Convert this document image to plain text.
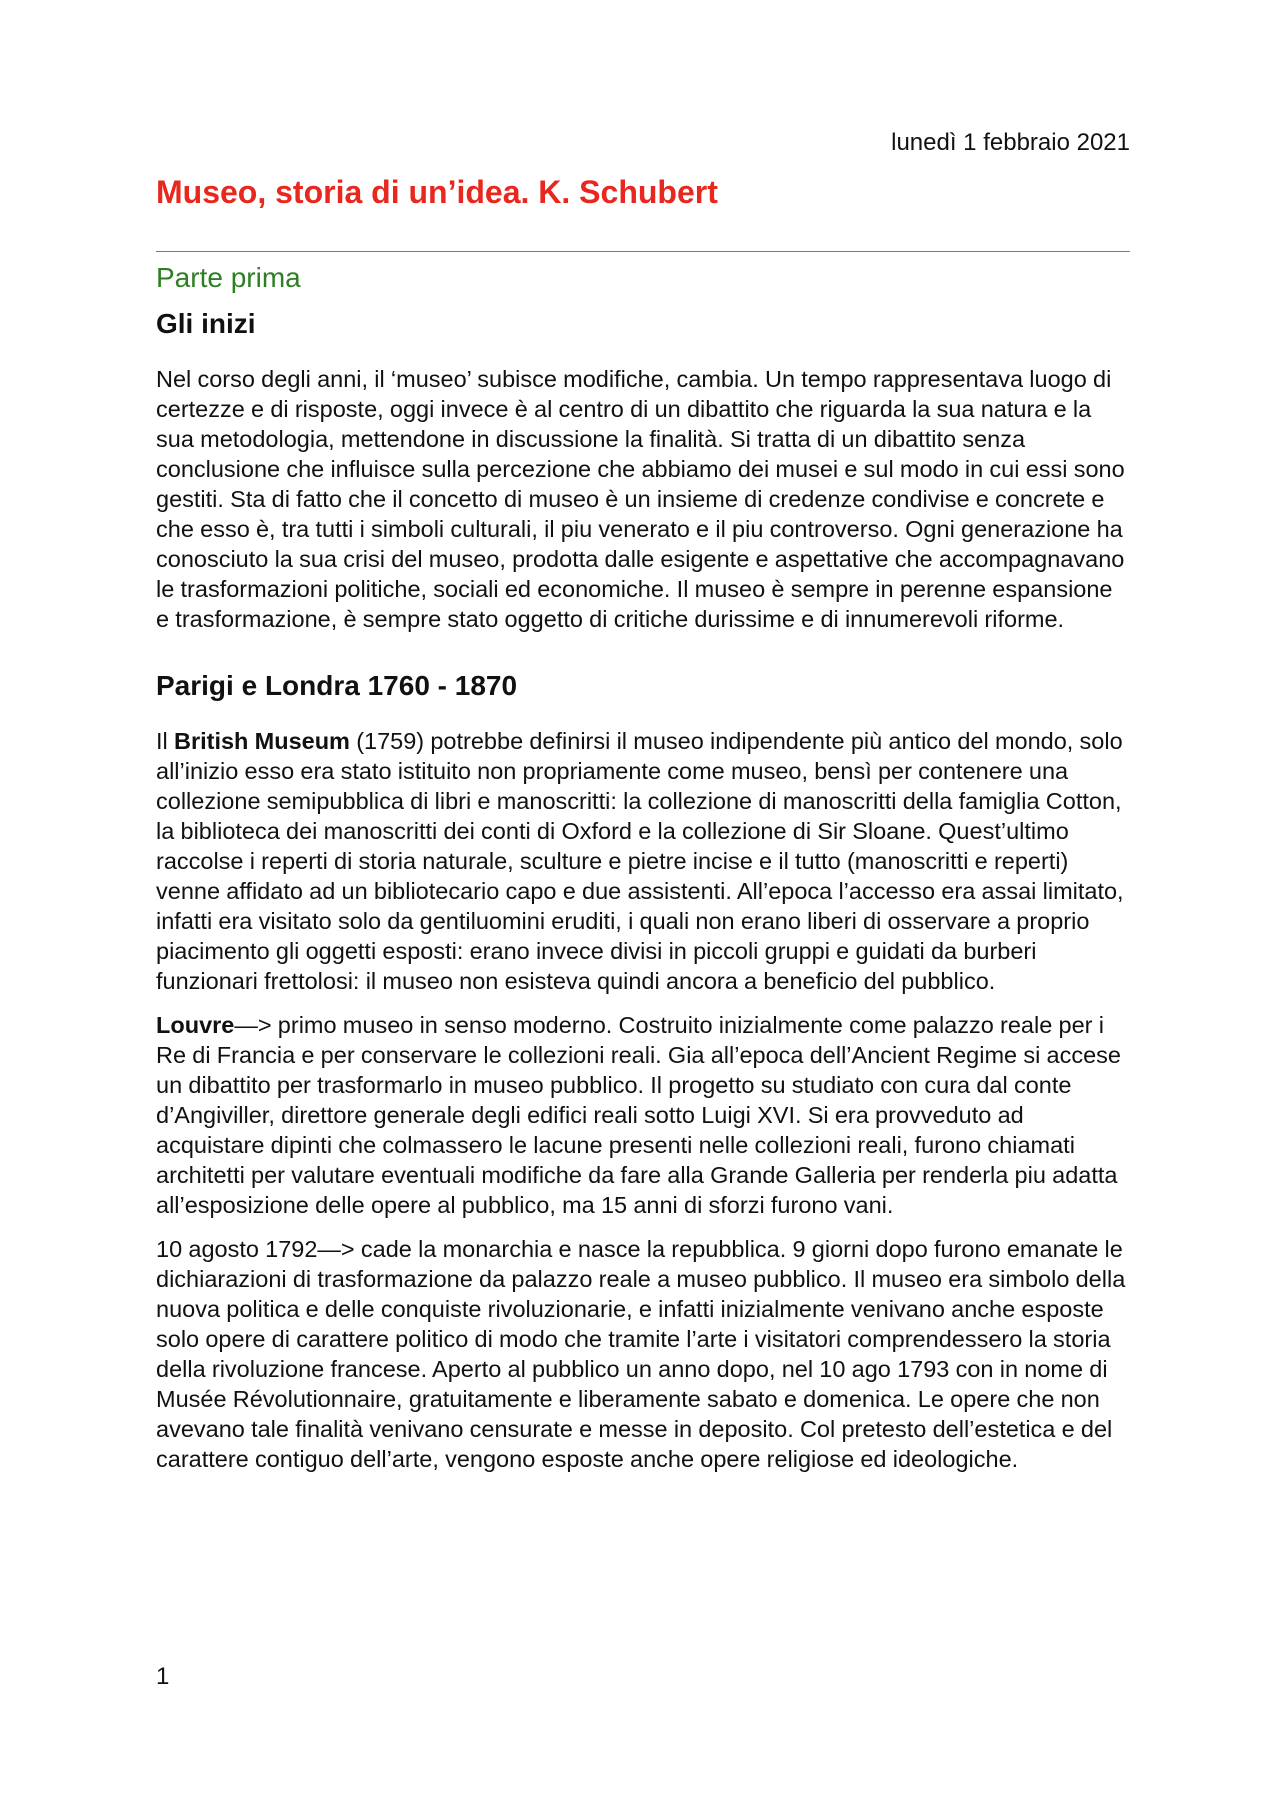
lunedì 1 febbraio 2021
Museo, storia di un’idea. K. Schubert
Parte prima
Gli inizi

Nel corso degli anni, il ‘museo’ subisce modifiche, cambia. Un tempo rappresentava luogo di certezze e di risposte, oggi invece è al centro di un dibattito che riguarda la sua natura e la sua metodologia, mettendone in discussione la finalità. Si tratta di un dibattito senza conclusione che influisce sulla percezione che abbiamo dei musei e sul modo in cui essi sono gestiti. Sta di fatto che il concetto di museo è un insieme di credenze condivise e concrete e che esso è, tra tutti i simboli culturali, il piu venerato e il piu controverso. Ogni generazione ha conosciuto la sua crisi del museo, prodotta dalle esigente e aspettative che accompagnavano le trasformazioni politiche, sociali ed economiche. Il museo è sempre in perenne espansione e trasformazione, è sempre stato oggetto di critiche durissime e di innumerevoli riforme.

Parigi e Londra 1760 - 1870

Il British Museum (1759) potrebbe definirsi il museo indipendente più antico del mondo, solo all’inizio esso era stato istituito non propriamente come museo, bensì per contenere una collezione semipubblica di libri e manoscritti: la collezione di manoscritti della famiglia Cotton, la biblioteca dei manoscritti dei conti di Oxford e la collezione di Sir Sloane. Quest’ultimo raccolse i reperti di storia naturale, sculture e pietre incise e il tutto (manoscritti e reperti) venne affidato ad un bibliotecario capo e due assistenti. All’epoca l’accesso era assai limitato, infatti era visitato solo da gentiluomini eruditi, i quali non erano liberi di osservare a proprio piacimento gli oggetti esposti: erano invece divisi in piccoli gruppi e guidati da burberi funzionari frettolosi: il museo non esisteva quindi ancora a beneficio del pubblico.

Louvre—> primo museo in senso moderno. Costruito inizialmente come palazzo reale per i Re di Francia e per conservare le collezioni reali. Gia all’epoca dell’Ancient Regime si accese un dibattito per trasformarlo in museo pubblico. Il progetto su studiato con cura dal conte d’Angiviller, direttore generale degli edifici reali sotto Luigi XVI. Si era provveduto ad acquistare dipinti che colmassero le lacune presenti nelle collezioni reali, furono chiamati architetti per valutare eventuali modifiche da fare alla Grande Galleria per renderla piu adatta all’esposizione delle opere al pubblico, ma 15 anni di sforzi furono vani.

10 agosto 1792—> cade la monarchia e nasce la repubblica. 9 giorni dopo furono emanate le dichiarazioni di trasformazione da palazzo reale a museo pubblico. Il museo era simbolo della nuova politica e delle conquiste rivoluzionarie, e infatti inizialmente venivano anche esposte solo opere di carattere politico di modo che tramite l’arte i visitatori comprendessero la storia della rivoluzione francese. Aperto al pubblico un anno dopo, nel 10 ago 1793 con in nome di Musée Révolutionnaire, gratuitamente e liberamente sabato e domenica. Le opere che non avevano tale finalità venivano censurate e messe in deposito. Col pretesto dell’estetica e del carattere contiguo dell’arte, vengono esposte anche opere religiose ed ideologiche.

1
